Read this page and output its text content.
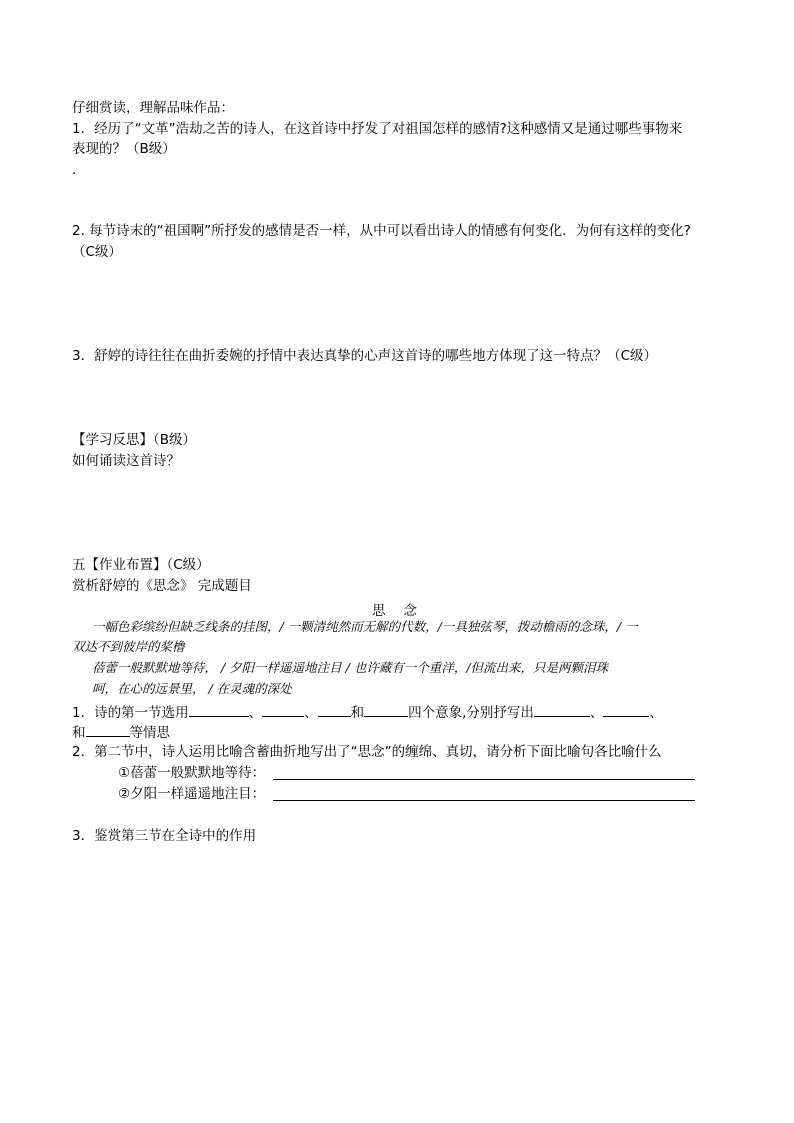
仔细赏读，理解品味作品：
1．经历了“文革”浩劫之苦的诗人，在这首诗中抒发了对祖国怎样的感情?这种感情又是通过哪些事物来
表现的？（B级）
.
2. 每节诗末的“祖国啊”所抒发的感情是否一样，从中可以看出诗人的情感有何变化．为何有这样的变化?
（C级）
3．舒婷的诗往往在曲折委婉的抒情中表达真挚的心声这首诗的哪些地方体现了这一特点？（C级）
【学习反思】（B级）
如何诵读这首诗？
五【作业布置】（C级）
赏析舒婷的《思念》 完成题目
思念
一幅色彩缤纷但缺乏线条的挂图，/ 一颗清纯然而无解的代数，/一具独弦琴，拨动檐雨的念珠，/ 一
双达不到彼岸的桨橹
蓓蕾一般默默地等待， / 夕阳一样遥遥地注目 / 也许藏有一个重洋，/但流出来，只是两颗泪珠
呵，在心的远景里， / 在灵魂的深处
1．诗的第一节选用	、	、 和	四个意象,分别抒写出	、	、
和	等情思
2．第二节中，诗人运用比喻含蓄曲折地写出了“思念”的缠绵、真切，请分析下面比喻句各比喻什么
①蓓蕾一般默默地等待：
②夕阳一样遥遥地注目：
3．鉴赏第三节在全诗中的作用
